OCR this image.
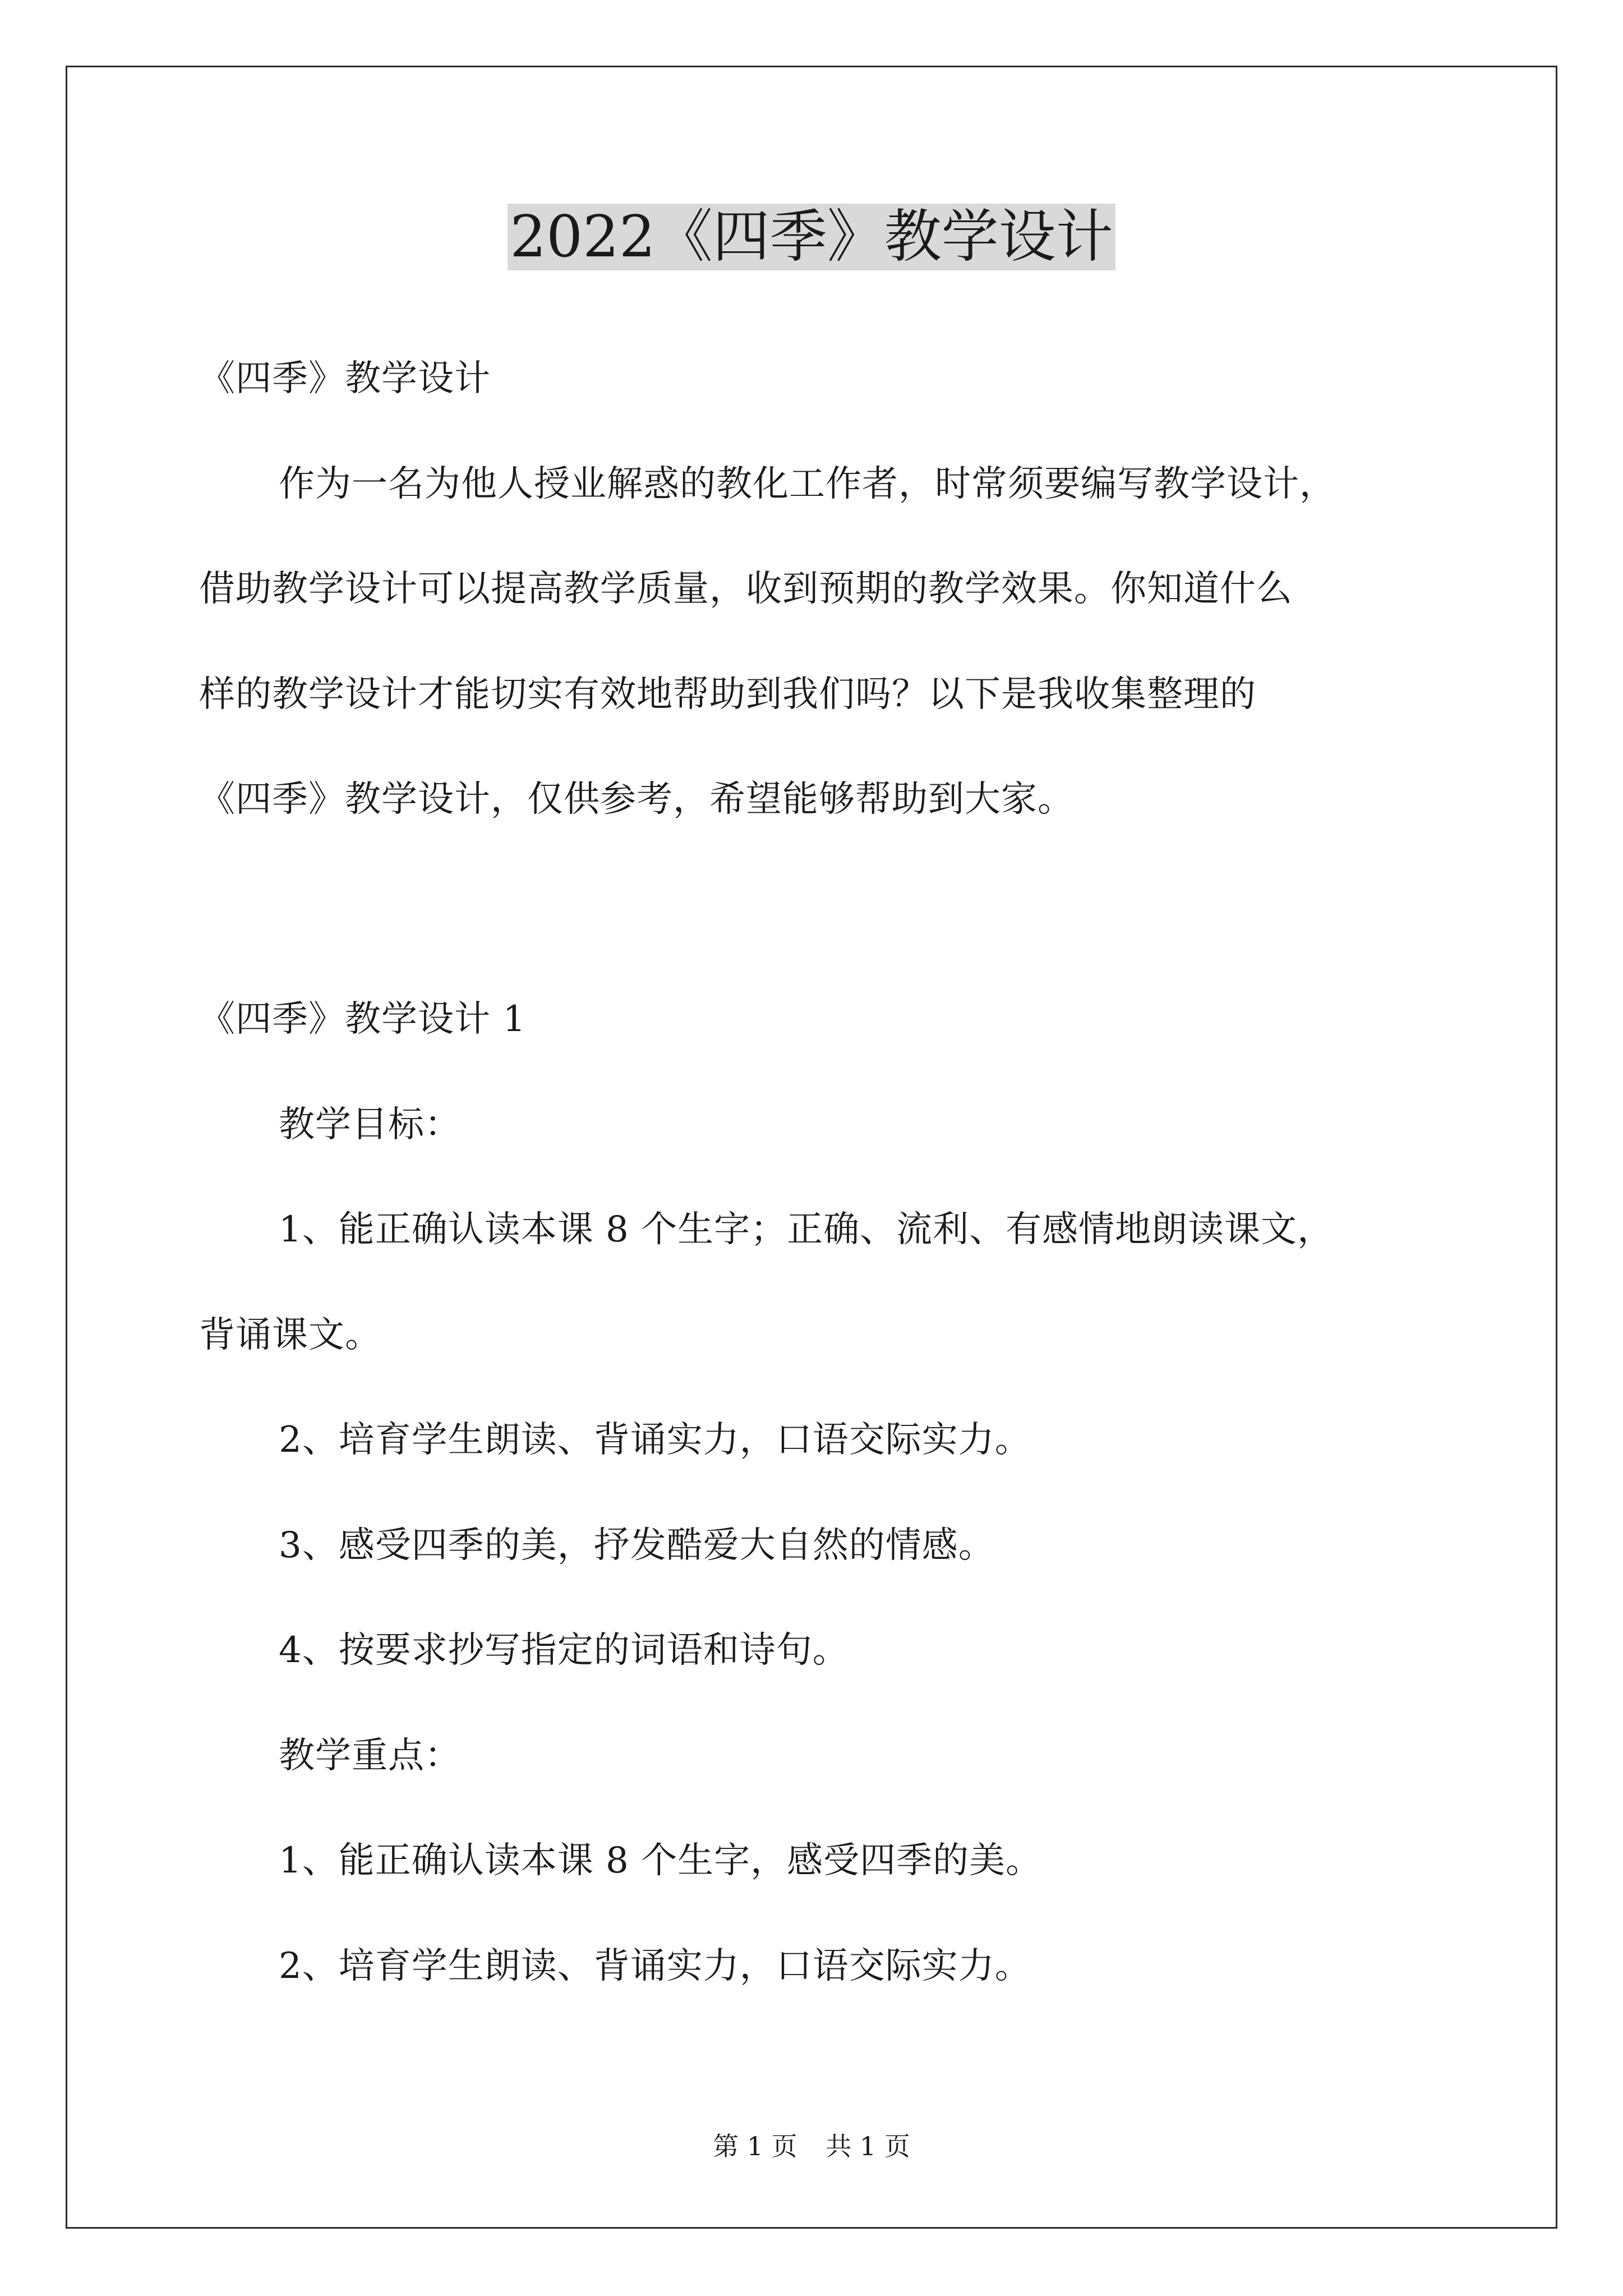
2022《四季》教学设计
《四季》教学设计
作为一名为他人授业解惑的教化工作者，时常须要编写教学设计，
借助教学设计可以提高教学质量，收到预期的教学效果。你知道什么
样的教学设计才能切实有效地帮助到我们吗？以下是我收集整理的
《四季》教学设计，仅供参考，希望能够帮助到大家。
《四季》教学设计 1
教学目标：
1、能正确认读本课 8 个生字；正确、流利、有感情地朗读课文，
背诵课文。
2、培育学生朗读、背诵实力，口语交际实力。
3、感受四季的美，抒发酷爱大自然的情感。
4、按要求抄写指定的词语和诗句。
教学重点：
1、能正确认读本课 8 个生字，感受四季的美。
2、培育学生朗读、背诵实力，口语交际实力。
第 1 页 共 1 页
